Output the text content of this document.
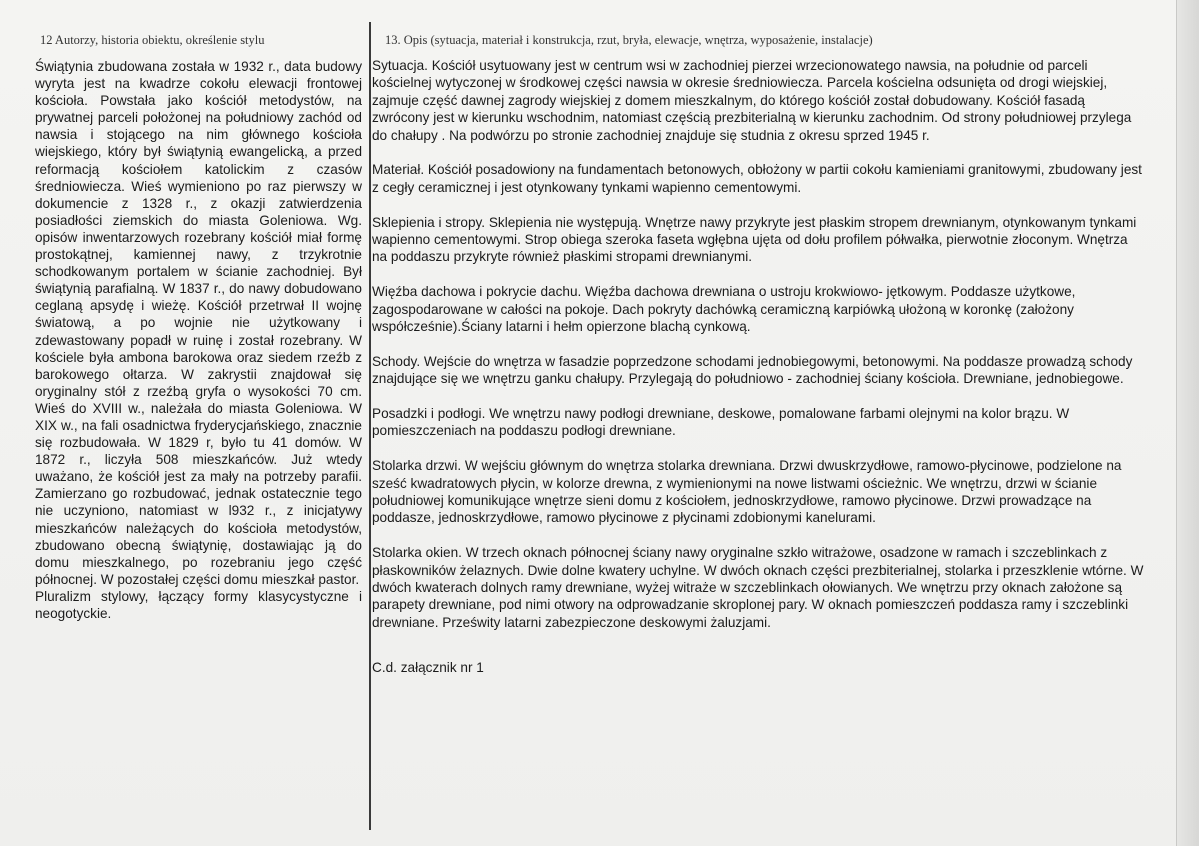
12 Autorzy, historia obiektu, określenie stylu	13. Opis (sytuacja, materiał i konstrukcja, rzut, bryła, elewacje, wnętrza, wyposażenie, instalacje)

Świątynia zbudowana została w 1932 r., data budowy wyryta jest na kwadrze cokołu elewacji frontowej kościoła. Powstała jako kościół metodystów, na prywatnej parceli położonej na południowy zachód od nawsia i stojącego na nim głównego kościoła wiejskiego, który był świątynią ewangelicką, a przed reformacją kościołem katolickim z czasów średniowiecza. Wieś wymieniono po raz pierwszy w dokumencie z 1328 r., z okazji zatwierdzenia posiadłości ziemskich do miasta Goleniowa. Wg. opisów inwentarzowych rozebrany kościół miał formę prostokątnej, kamiennej nawy, z trzykrotnie schodkowanym portalem w ścianie zachodniej. Był świątynią parafialną. W 1837 r., do nawy dobudowano ceglaną apsydę i wieżę. Kościół przetrwał II wojnę światową, a po wojnie nie użytkowany i zdewastowany popadł w ruinę i został rozebrany. W kościele była ambona barokowa oraz siedem rzeźb z barokowego ołtarza. W zakrystii znajdował się oryginalny stół z rzeźbą gryfa o wysokości 70 cm. Wieś do XVIII w., należała do miasta Goleniowa. W XIX w., na fali osadnictwa fryderycjańskiego, znacznie się rozbudowała. W 1829 r, było tu 41 domów. W 1872 r., liczyła 508 mieszkańców. Już wtedy uważano, że kościół jest za mały na potrzeby parafii. Zamierzano go rozbudować, jednak ostatecznie tego nie uczyniono, natomiast w l932 r., z inicjatywy mieszkańców należących do kościoła metodystów, zbudowano obecną świątynię, dostawiając ją do domu mieszkalnego, po rozebraniu jego część północnej. W pozostałej części domu mieszkał pastor.

Pluralizm stylowy, łączący formy klasycystyczne i neogotyckie.

Sytuacja. Kościół usytuowany jest w centrum wsi w zachodniej pierzei wrzecionowatego nawsia, na południe od parceli kościelnej wytyczonej w środkowej części nawsia w okresie średniowiecza. Parcela kościelna odsunięta od drogi wiejskiej, zajmuje część dawnej zagrody wiejskiej z domem mieszkalnym, do którego kościół został dobudowany. Kościół fasadą zwrócony jest w kierunku wschodnim, natomiast częścią prezbiterialną w kierunku zachodnim. Od strony południowej przylega do chałupy . Na podwórzu po stronie zachodniej znajduje się studnia z okresu sprzed 1945 r.

Materiał. Kościół posadowiony na fundamentach betonowych, obłożony w partii cokołu kamieniami granitowymi, zbudowany jest z cegły ceramicznej i jest otynkowany tynkami wapienno cementowymi.

Sklepienia i stropy. Sklepienia nie występują. Wnętrze nawy przykryte jest płaskim stropem drewnianym, otynkowanym tynkami wapienno cementowymi. Strop obiega szeroka faseta wgłębna ujęta od dołu profilem półwałka, pierwotnie złoconym. Wnętrza na poddaszu przykryte również płaskimi stropami drewnianymi.

Więźba dachowa i pokrycie dachu. Więźba dachowa drewniana o ustroju krokwiowo- jętkowym. Poddasze użytkowe, zagospodarowane w całości na pokoje. Dach pokryty dachówką ceramiczną karpiówką ułożoną w koronkę (założony współcześnie).Ściany latarni i hełm opierzone blachą cynkową.

Schody. Wejście do wnętrza w fasadzie poprzedzone schodami jednobiegowymi, betonowymi. Na poddasze prowadzą schody znajdujące się we wnętrzu ganku chałupy. Przylegają do południowo - zachodniej ściany kościoła. Drewniane, jednobiegowe.

Posadzki i podłogi. We wnętrzu nawy podłogi drewniane, deskowe, pomalowane farbami olejnymi na kolor brązu. W pomieszczeniach na poddaszu podłogi drewniane.

Stolarka drzwi. W wejściu głównym do wnętrza stolarka drewniana. Drzwi dwuskrzydłowe, ramowo-płycinowe, podzielone na sześć kwadratowych płycin, w kolorze drewna, z wymienionymi na nowe listwami ościeżnic. We wnętrzu, drzwi w ścianie południowej komunikujące wnętrze sieni domu z kościołem, jednoskrzydłowe, ramowo płycinowe. Drzwi prowadzące na poddasze, jednoskrzydłowe, ramowo płycinowe z płycinami zdobionymi kanelurami.

Stolarka okien. W trzech oknach północnej ściany nawy oryginalne szkło witrażowe, osadzone w ramach i szczeblinkach z płaskowników żelaznych. Dwie dolne kwatery uchylne. W dwóch oknach części prezbiterialnej, stolarka i przeszklenie wtórne. W dwóch kwaterach dolnych ramy drewniane, wyżej witraże w szczeblinkach ołowianych. We wnętrzu przy oknach założone są parapety drewniane, pod nimi otwory na odprowadzanie skroplonej pary. W oknach pomieszczeń poddasza ramy i szczeblinki drewniane. Prześwity latarni zabezpieczone deskowymi żaluzjami.

C.d. załącznik nr 1
